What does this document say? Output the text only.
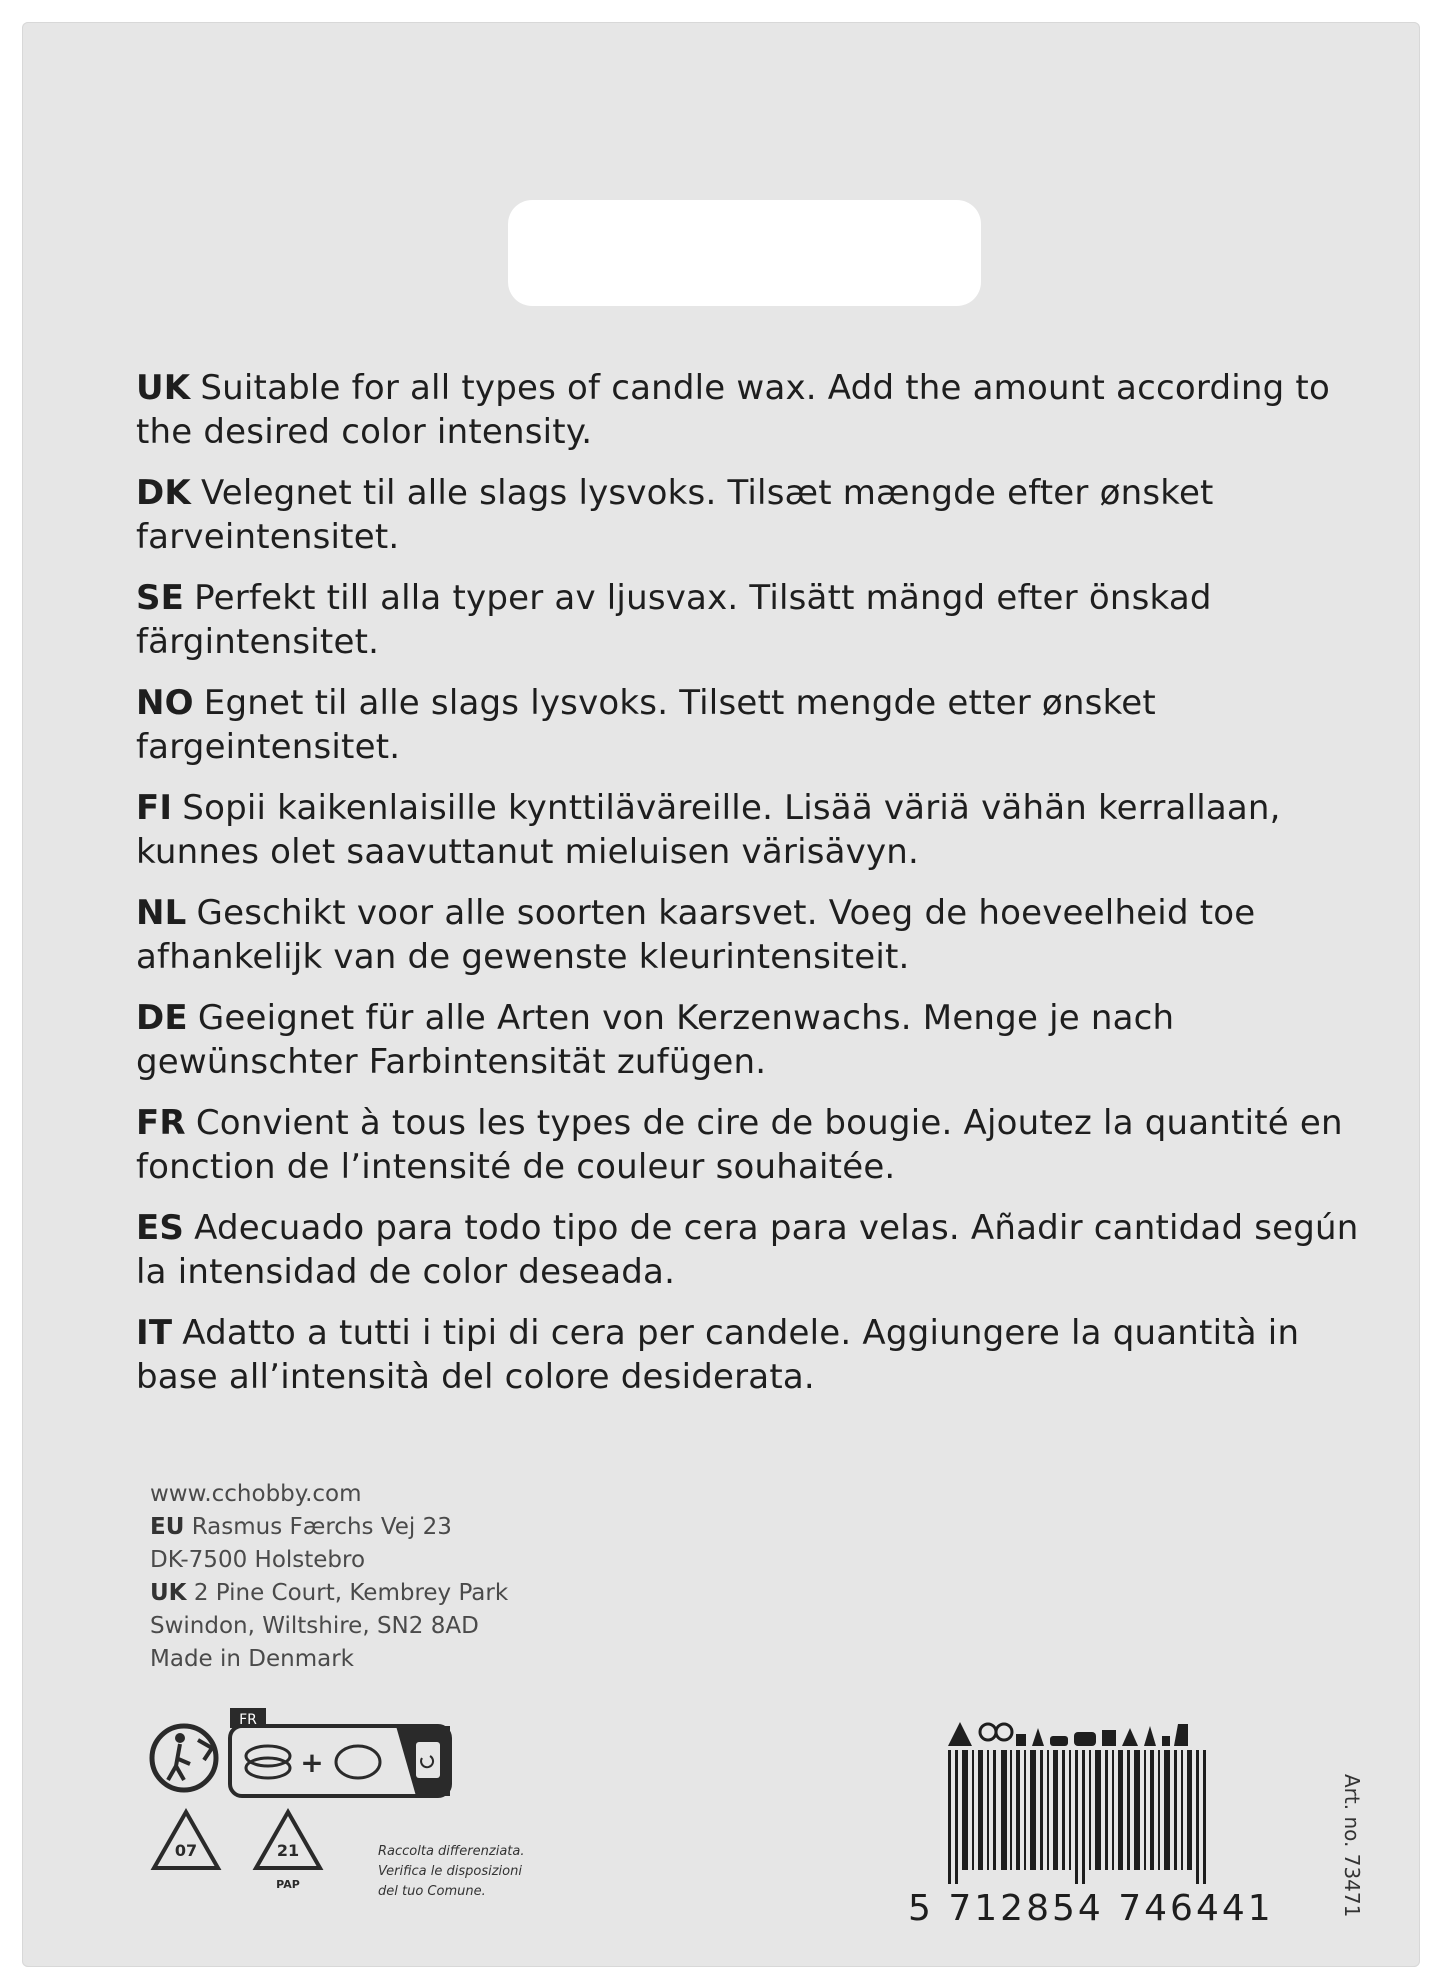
UK Suitable for all types of candle wax. Add the amount according to the desired color intensity.

DK Velegnet til alle slags lysvoks. Tilsæt mængde efter ønsket farveintensitet.

SE Perfekt till alla typer av ljusvax. Tilsätt mängd efter önskad färgintensitet.

NO Egnet til alle slags lysvoks. Tilsett mengde etter ønsket fargeintensitet.

FI Sopii kaikenlaisille kynttiläväreille. Lisää väriä vähän kerrallaan, kunnes olet saavuttanut mieluisen värisävyn.

NL Geschikt voor alle soorten kaarsvet. Voeg de hoeveelheid toe afhankelijk van de gewenste kleurintensiteit.

DE Geeignet für alle Arten von Kerzenwachs. Menge je nach gewünschter Farbintensität zufügen.

FR Convient à tous les types de cire de bougie. Ajoutez la quantité en fonction de l’intensité de couleur souhaitée.

ES Adecuado para todo tipo de cera para velas. Añadir cantidad según la intensidad de color deseada.

IT Adatto a tutti i tipi di cera per candele. Aggiungere la quantità in base all’intensità del colore desiderata.

www.cchobby.com
EU Rasmus Færchs Vej 23
DK-7500 Holstebro
UK 2 Pine Court, Kembrey Park
Swindon, Wiltshire, SN2 8AD
Made in Denmark
FR
+
07	21
PAP
Raccolta differenziata.
Verifica le disposizioni
del tuo Comune.	5 712854 746441	Art. no. 73471
